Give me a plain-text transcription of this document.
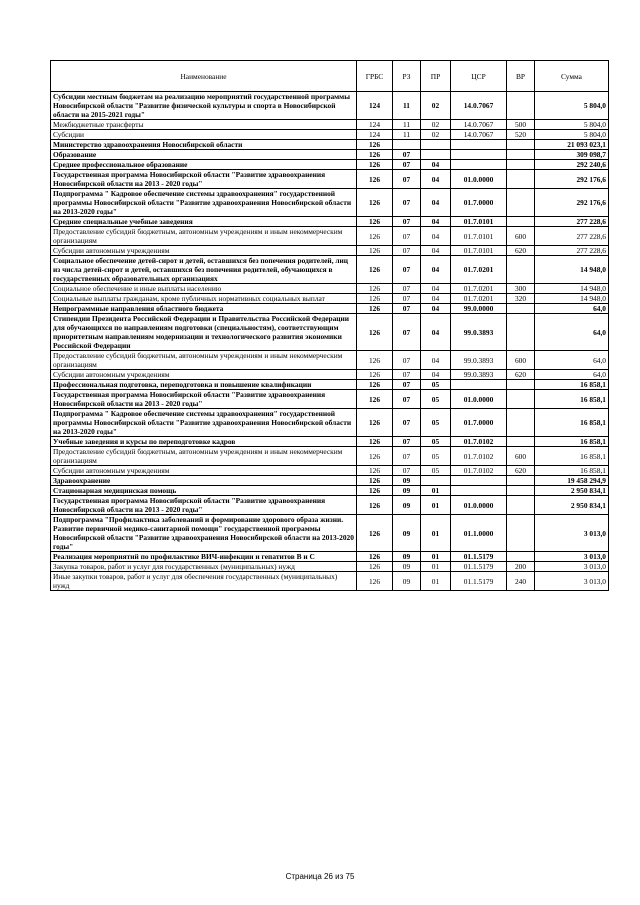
Наименование	ГРБС	РЗ	ПР	ЦСР	ВР	Сумма
Субсидии местным бюджетам на реализацию мероприятий государственной программы Новосибирской области "Развитие физической культуры и спорта в Новосибирской области на 2015-2021 годы"	124	11	02	14.0.7067		5 804,0
Межбюджетные трансферты	124	11	02	14.0.7067	500	5 804,0
Субсидии	124	11	02	14.0.7067	520	5 804,0
Министерство здравоохранения Новосибирской области	126					21 093 023,1
Образование	126	07				309 098,7
Среднее профессиональное образование	126	07	04			292 240,6
Государственная программа Новосибирской области "Развитие здравоохранения Новосибирской области на 2013 - 2020 годы"	126	07	04	01.0.0000		292 176,6
Подпрограмма " Кадровое обеспечение системы здравоохранения" государственной программы Новосибирской области "Развитие здравоохранения Новосибирской области на 2013-2020 годы"	126	07	04	01.7.0000		292 176,6
Средние специальные учебные заведения	126	07	04	01.7.0101		277 228,6
Предоставление субсидий бюджетным, автономным учреждениям и иным некоммерческим организациям	126	07	04	01.7.0101	600	277 228,6
Субсидии автономным учреждениям	126	07	04	01.7.0101	620	277 228,6
Социальное обеспечение детей-сирот и детей, оставшихся без попечения родителей, лиц из числа детей-сирот и детей, оставшихся без попечения родителей, обучающихся в государственных образовательных организациях	126	07	04	01.7.0201		14 948,0
Социальное обеспечение и иные выплаты населению	126	07	04	01.7.0201	300	14 948,0
Социальные выплаты гражданам, кроме публичных нормативных социальных выплат	126	07	04	01.7.0201	320	14 948,0
Непрограммные направления областного бюджета	126	07	04	99.0.0000		64,0
Стипендии Президента Российской Федерации и Правительства Российской Федерации для обучающихся по направлениям подготовки (специальностям), соответствующим приоритетным направлениям модернизации и технологического развития экономики Российской Федерации	126	07	04	99.0.3893		64,0
Предоставление субсидий бюджетным, автономным учреждениям и иным некоммерческим организациям	126	07	04	99.0.3893	600	64,0
Субсидии автономным учреждениям	126	07	04	99.0.3893	620	64,0
Профессиональная подготовка, переподготовка и повышение квалификации	126	07	05			16 858,1
Государственная программа Новосибирской области "Развитие здравоохранения Новосибирской области на 2013 - 2020 годы"	126	07	05	01.0.0000		16 858,1
Подпрограмма " Кадровое обеспечение системы здравоохранения" государственной программы Новосибирской области "Развитие здравоохранения Новосибирской области на 2013-2020 годы"	126	07	05	01.7.0000		16 858,1
Учебные заведения и курсы по переподготовке кадров	126	07	05	01.7.0102		16 858,1
Предоставление субсидий бюджетным, автономным учреждениям и иным некоммерческим организациям	126	07	05	01.7.0102	600	16 858,1
Субсидии автономным учреждениям	126	07	05	01.7.0102	620	16 858,1
Здравоохранение	126	09				19 458 294,9
Стационарная медицинская помощь	126	09	01			2 950 834,1
Государственная программа Новосибирской области "Развитие здравоохранения Новосибирской области на 2013 - 2020 годы"	126	09	01	01.0.0000		2 950 834,1
Подпрограмма "Профилактика заболеваний и формирование здорового образа жизни. Развитие первичной медико-санитарной помощи" государственной программы Новосибирской области "Развитие здравоохранения Новосибирской области на 2013-2020 годы"	126	09	01	01.1.0000		3 013,0
Реализация мероприятий по профилактике ВИЧ-инфекции и гепатитов В и С	126	09	01	01.1.5179		3 013,0
Закупка товаров, работ и услуг для государственных (муниципальных) нужд	126	09	01	01.1.5179	200	3 013,0
Иные закупки товаров, работ и услуг для обеспечения государственных (муниципальных) нужд	126	09	01	01.1.5179	240	3 013,0
Страница 26 из 75
